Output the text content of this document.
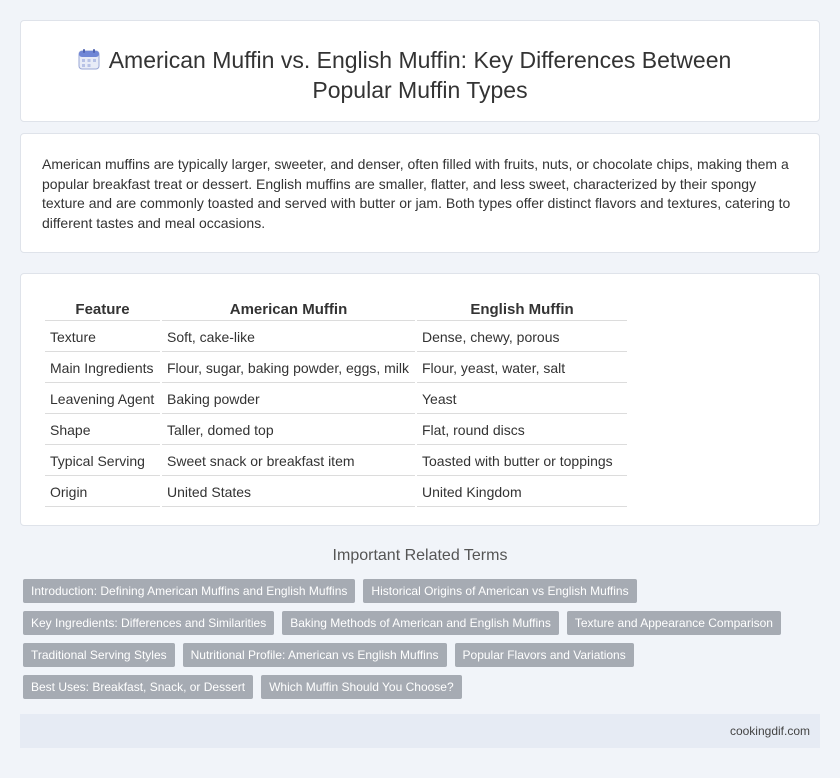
American Muffin vs. English Muffin: Key Differences Between
Popular Muffin Types

American muffins are typically larger, sweeter, and denser, often filled with fruits, nuts, or chocolate chips, making them a popular breakfast treat or dessert. English muffins are smaller, flatter, and less sweet, characterized by their spongy texture and are commonly toasted and served with butter or jam. Both types offer distinct flavors and textures, catering to different tastes and meal occasions.

Feature	American Muffin	English Muffin
Texture	Soft, cake-like	Dense, chewy, porous
Main Ingredients	Flour, sugar, baking powder, eggs, milk	Flour, yeast, water, salt
Leavening Agent	Baking powder	Yeast
Shape	Taller, domed top	Flat, round discs
Typical Serving	Sweet snack or breakfast item	Toasted with butter or toppings
Origin	United States	United Kingdom
Important Related Terms
Introduction: Defining American Muffins and English Muffins	Historical Origins of American vs English Muffins
Key Ingredients: Differences and Similarities	Baking Methods of American and English Muffins	Texture and Appearance Comparison
Traditional Serving Styles	Nutritional Profile: American vs English Muffins	Popular Flavors and Variations
Best Uses: Breakfast, Snack, or Dessert	Which Muffin Should You Choose?
cookingdif.com
